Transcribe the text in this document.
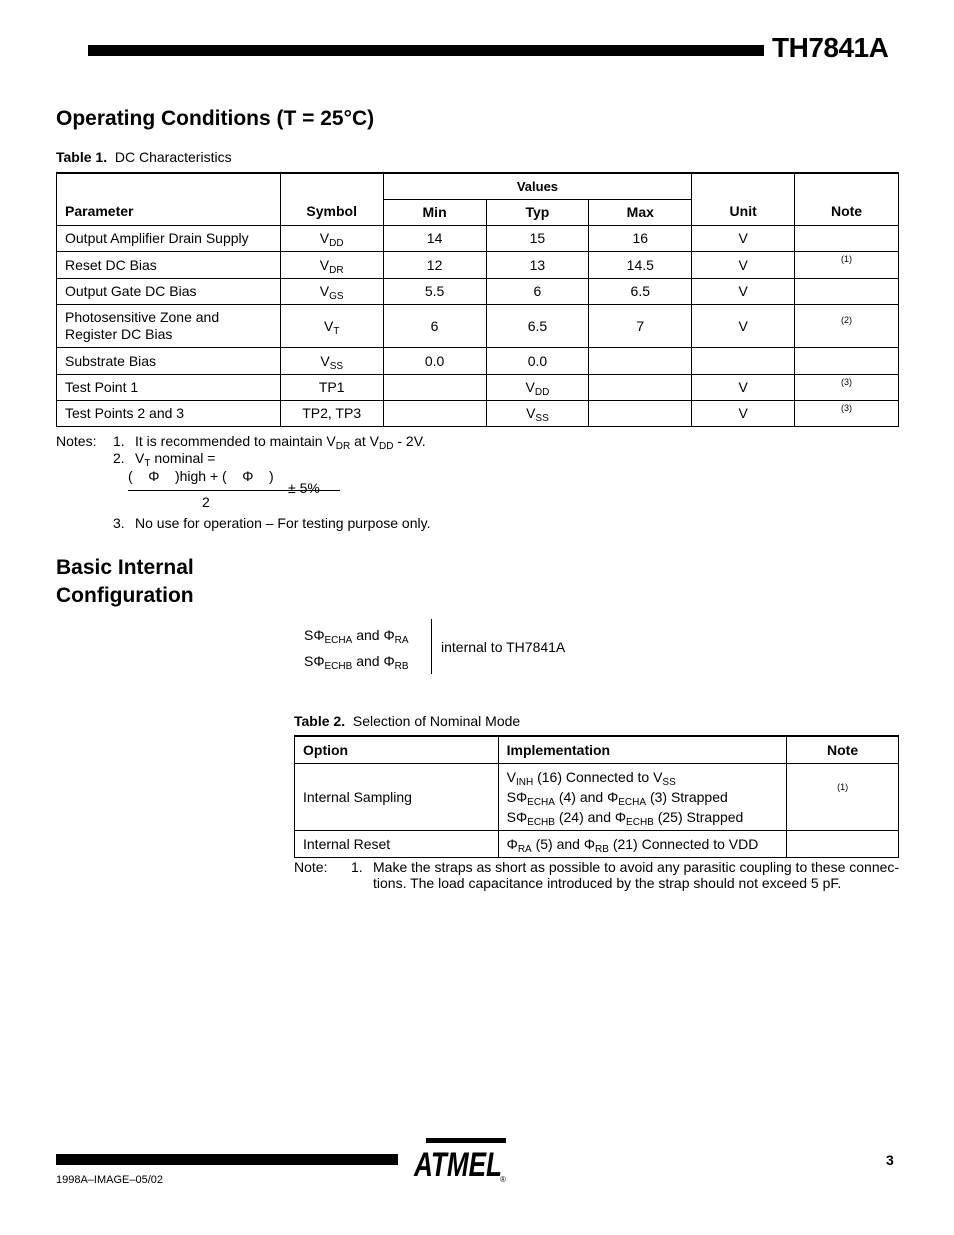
TH7841A
Operating Conditions (T = 25°C)
Table 1. DC Characteristics
Parameter	Symbol	Values			Unit	Note
		Min	Typ	Max		
Output Amplifier Drain Supply	$V_{DD}$	14	15	16	V	
Reset DC Bias	$V_{DR}$	12	13	14.5	V	$^{(1)}$
Output Gate DC Bias	$V_{GS}$	5.5	6	6.5	V	
Photosensitive Zone and
Register DC Bias	$V_T$	6	6.5	7	V	$^{(2)}$
Substrate Bias	$V_{SS}$	0.0	0.0			
Test Point 1	TP1		$V_{DD}$		V	$^{(3)}$
Test Points 2 and 3	TP2, TP3		$V_{SS}$		V	$^{(3)}$
Notes: 1. It is recommended to maintain $V_{DR}$ at $V_{DD} - 2V$.
2. $V_T$ nominal =
(    Φ    )high + (    Φ    )
2
± 5%
3. No use for operation – For testing purpose only.
Basic Internal
Configuration
$S\Phi_{ECHA}$ and $\Phi_{RA}$
$S\Phi_{ECHB}$ and $\Phi_{RB}$
internal to TH7841A
Table 2. Selection of Nominal Mode
Option	Implementation	Note
Internal Sampling	$V_{INH}$ (16) Connected to $V_{SS}$
$S\Phi_{ECHA}$ (4) and $\Phi_{ECHA}$ (3) Strapped
$S\Phi_{ECHB}$ (24) and $\Phi_{ECHB}$ (25) Strapped	$_{(1)}$
Internal Reset	$\Phi_{RA}$ (5) and $\Phi_{RB}$ (21) Connected to VDD	
Note:	1. Make the straps as short as possible to avoid any parasitic coupling to these connec-
tions. The load capacitance introduced by the strap should not exceed 5 pF.
1998A–IMAGE–05/02	ATMEL
®
3
